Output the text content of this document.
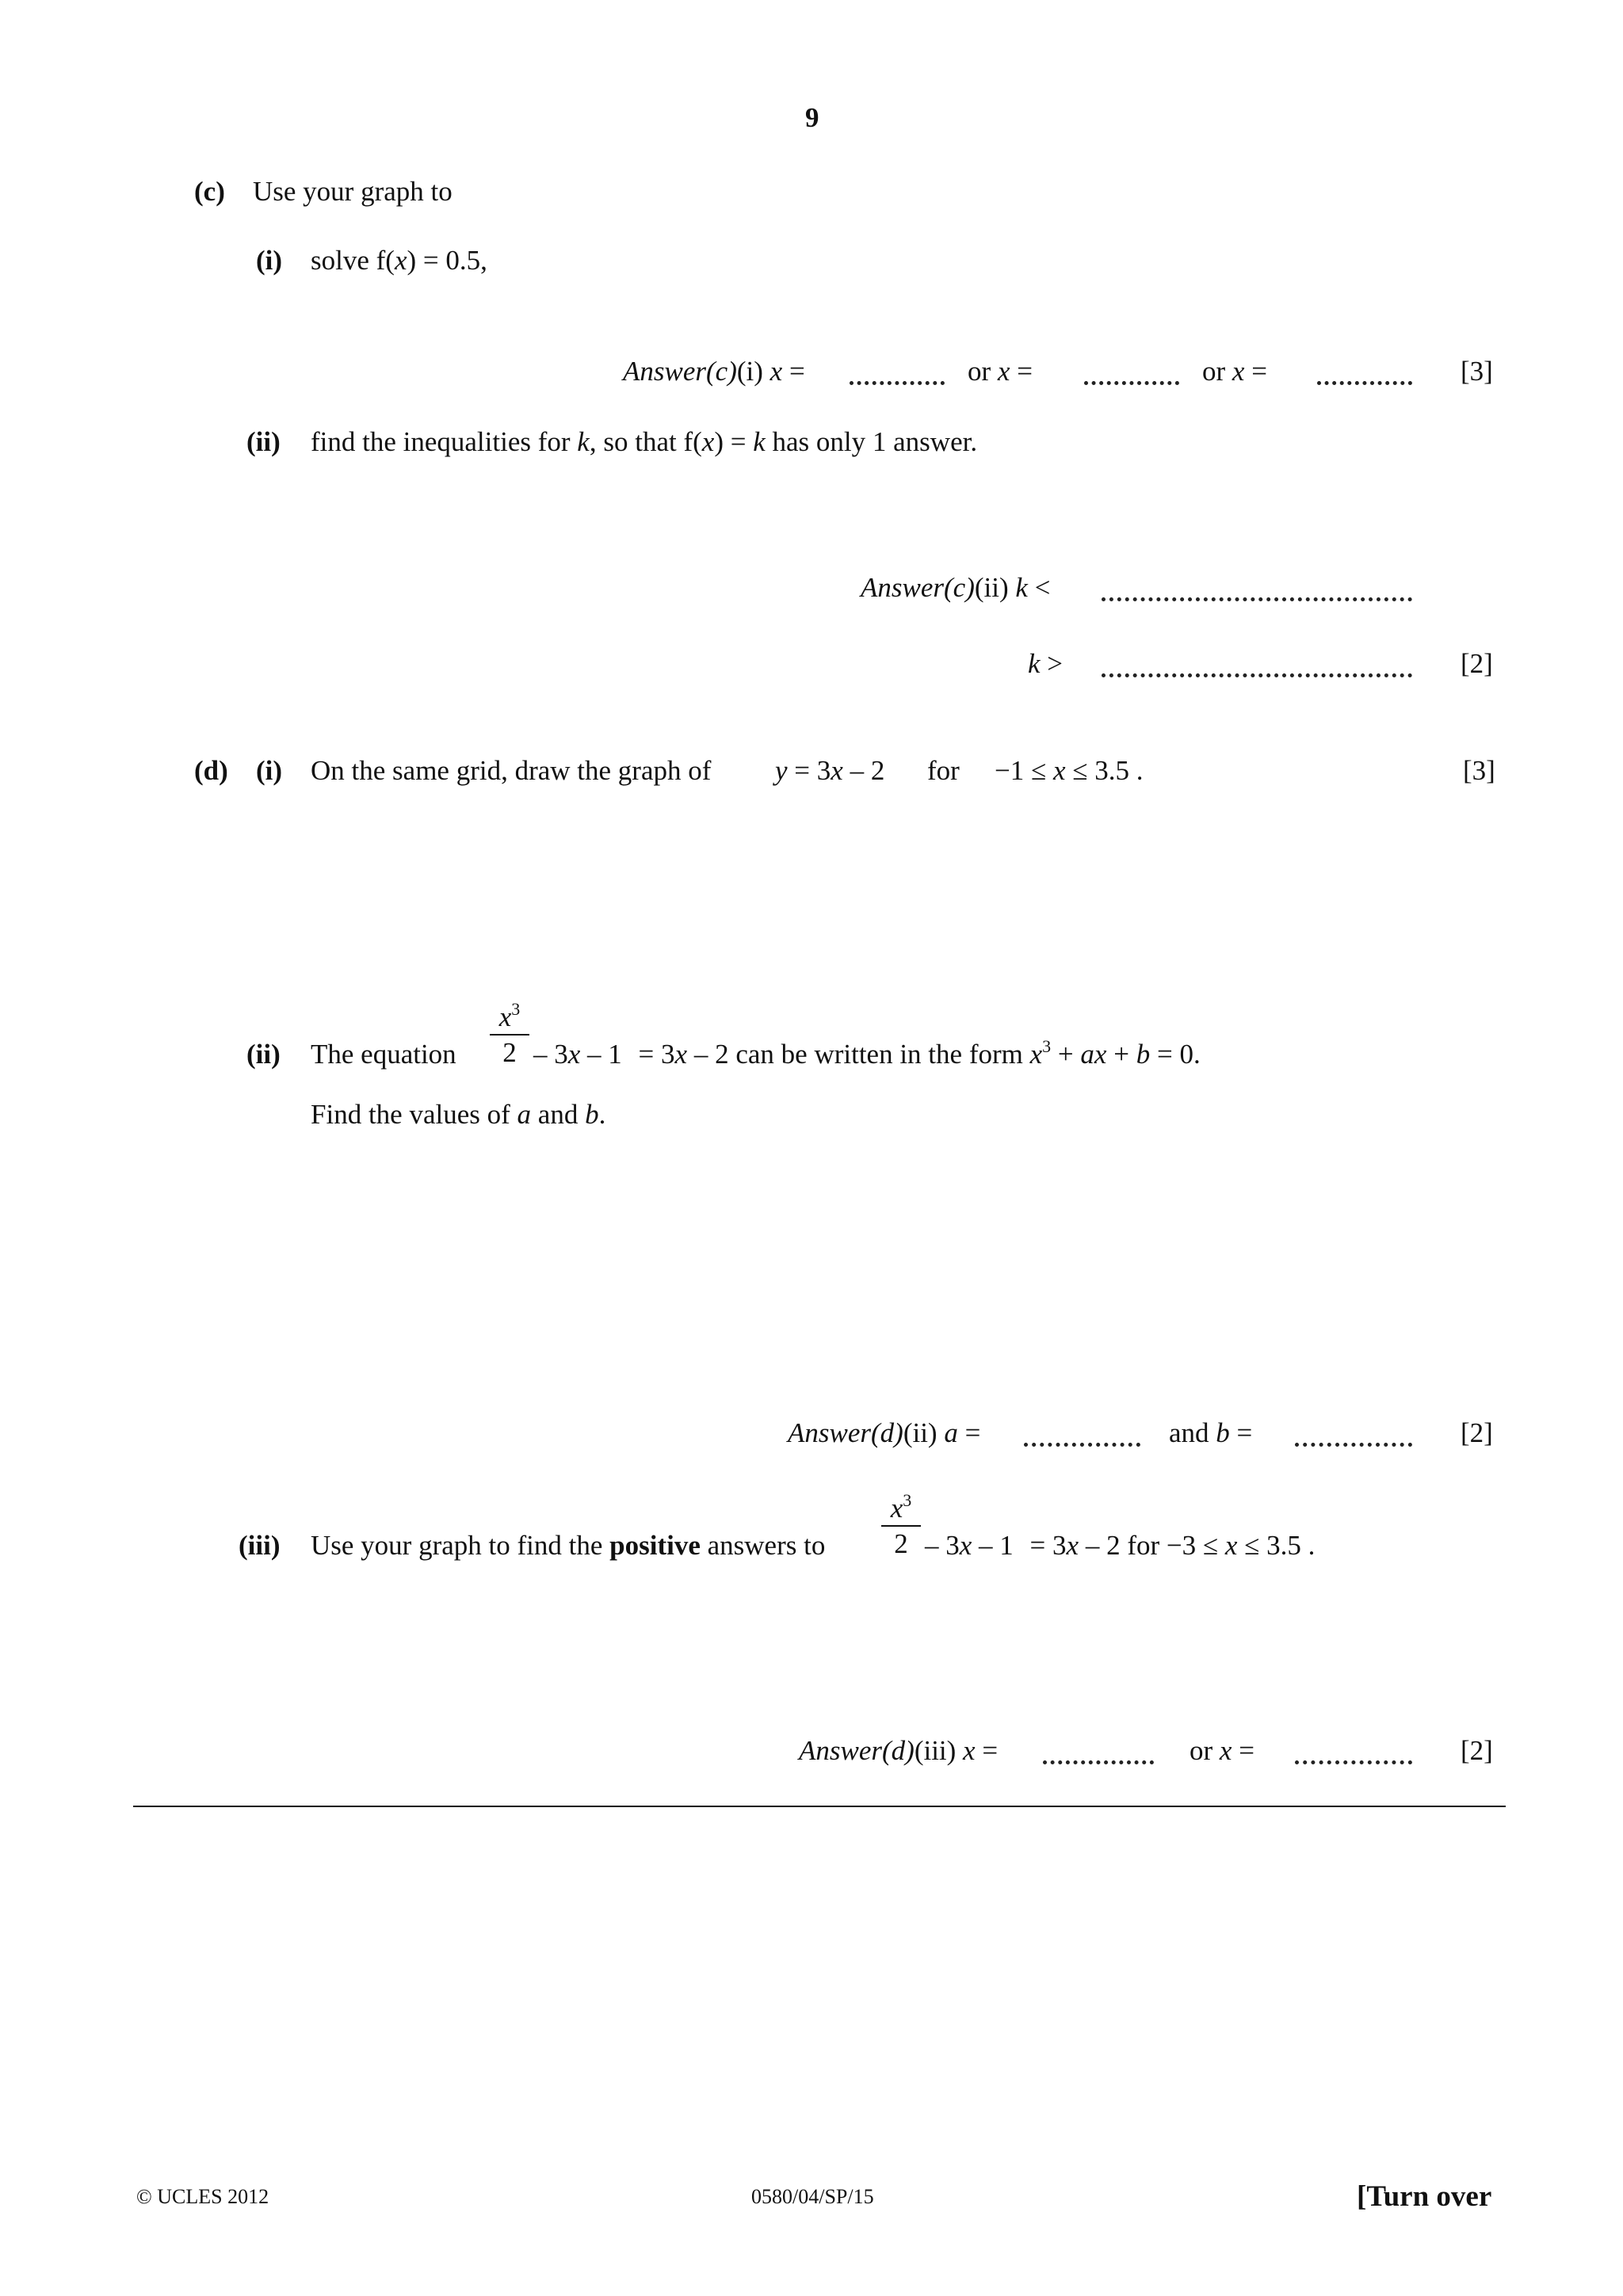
9
(c) Use your graph to
(i) solve f(x) = 0.5,
Answer(c)(i) x =	or x =	or x =	[3]
(ii) find the inequalities for k, so that f(x) = k has only 1 answer.
Answer(c)(ii) k <
k >	[2]
(d) (i) On the same grid, draw the graph of y = 3x – 2 for −1 ≤ x ≤ 3.5 .	[3]
(ii) The equation
$x^3$
2 – 3x – 1 = 3x – 2 can be written in the form $x^3$ + ax + b = 0.
Find the values of a and b.
Answer(d)(ii) a =	and b =	[2]
(iii) Use your graph to find the positive answers to
$x^3$
2 – 3x – 1 = 3x – 2 for −3 ≤ x ≤ 3.5 .
Answer(d)(iii) x =	or x =	[2]
© UCLES 2012	0580/04/SP/15	[Turn over
